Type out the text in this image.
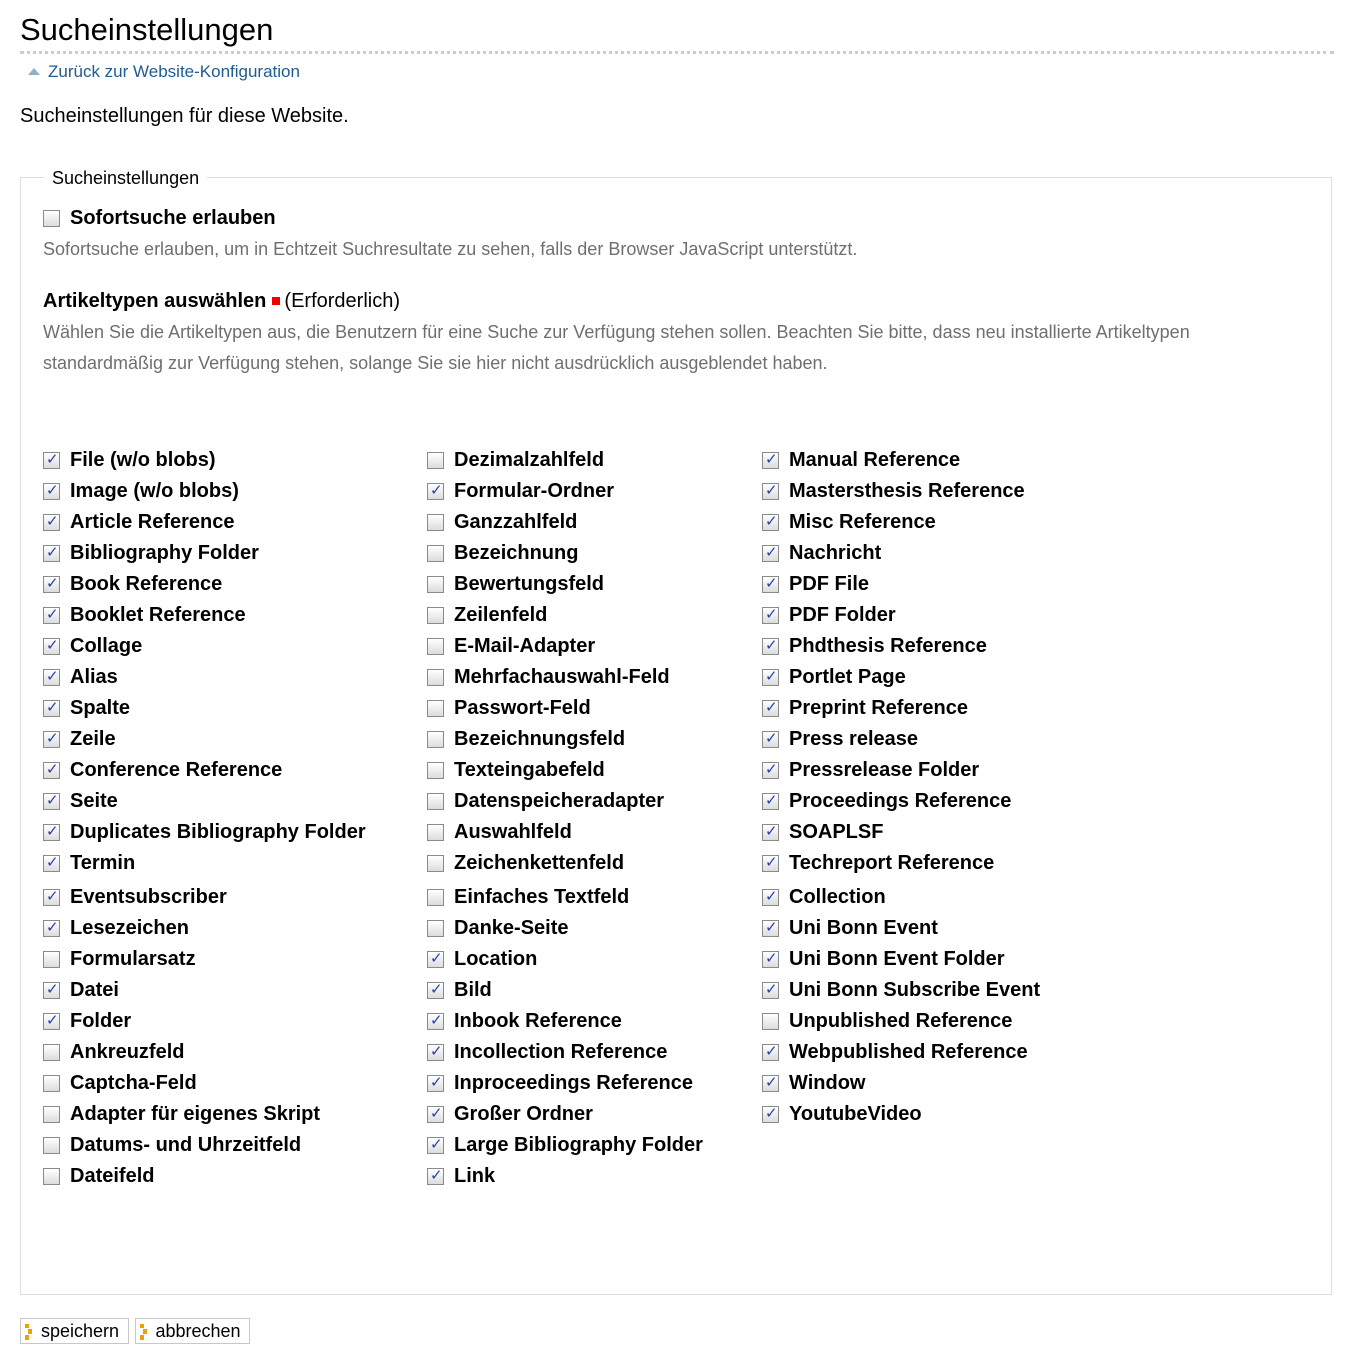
Sucheinstellungen
Zurück zur Website-Konfiguration
Sucheinstellungen für diese Website.
Sucheinstellungen
Sofortsuche erlauben
Sofortsuche erlauben, um in Echtzeit Suchresultate zu sehen, falls der Browser JavaScript unterstützt.
Artikeltypen auswählen (Erforderlich)
Wählen Sie die Artikeltypen aus, die Benutzern für eine Suche zur Verfügung stehen sollen. Beachten Sie bitte, dass neu installierte Artikeltypen standardmäßig zur Verfügung stehen, solange Sie sie hier nicht ausdrücklich ausgeblendet haben.
✓
File (w/o blobs)
✓
Image (w/o blobs)
✓
Article Reference
✓
Bibliography Folder
✓
Book Reference
✓
Booklet Reference
✓
Collage
✓
Alias
✓
Spalte
✓
Zeile
✓
Conference Reference
✓
Seite
✓
Duplicates Bibliography Folder
✓
Termin
✓
Eventsubscriber
✓
Lesezeichen
Formularsatz
✓
Datei
✓
Folder
Ankreuzfeld
Captcha-Feld
Adapter für eigenes Skript
Datums- und Uhrzeitfeld
Dateifeld
Dezimalzahlfeld
✓
Formular-Ordner
Ganzzahlfeld
Bezeichnung
Bewertungsfeld
Zeilenfeld
E-Mail-Adapter
Mehrfachauswahl-Feld
Passwort-Feld
Bezeichnungsfeld
Texteingabefeld
Datenspeicheradapter
Auswahlfeld
Zeichenkettenfeld
Einfaches Textfeld
Danke-Seite
✓
Location
✓
Bild
✓
Inbook Reference
✓
Incollection Reference
✓
Inproceedings Reference
✓
Großer Ordner
✓
Large Bibliography Folder
✓
Link
✓
Manual Reference
✓
Mastersthesis Reference
✓
Misc Reference
✓
Nachricht
✓
PDF File
✓
PDF Folder
✓
Phdthesis Reference
✓
Portlet Page
✓
Preprint Reference
✓
Press release
✓
Pressrelease Folder
✓
Proceedings Reference
✓
SOAPLSF
✓
Techreport Reference
✓
Collection
✓
Uni Bonn Event
✓
Uni Bonn Event Folder
✓
Uni Bonn Subscribe Event
Unpublished Reference
✓
Webpublished Reference
✓
Window
✓
YoutubeVideo
speichern	abbrechen
